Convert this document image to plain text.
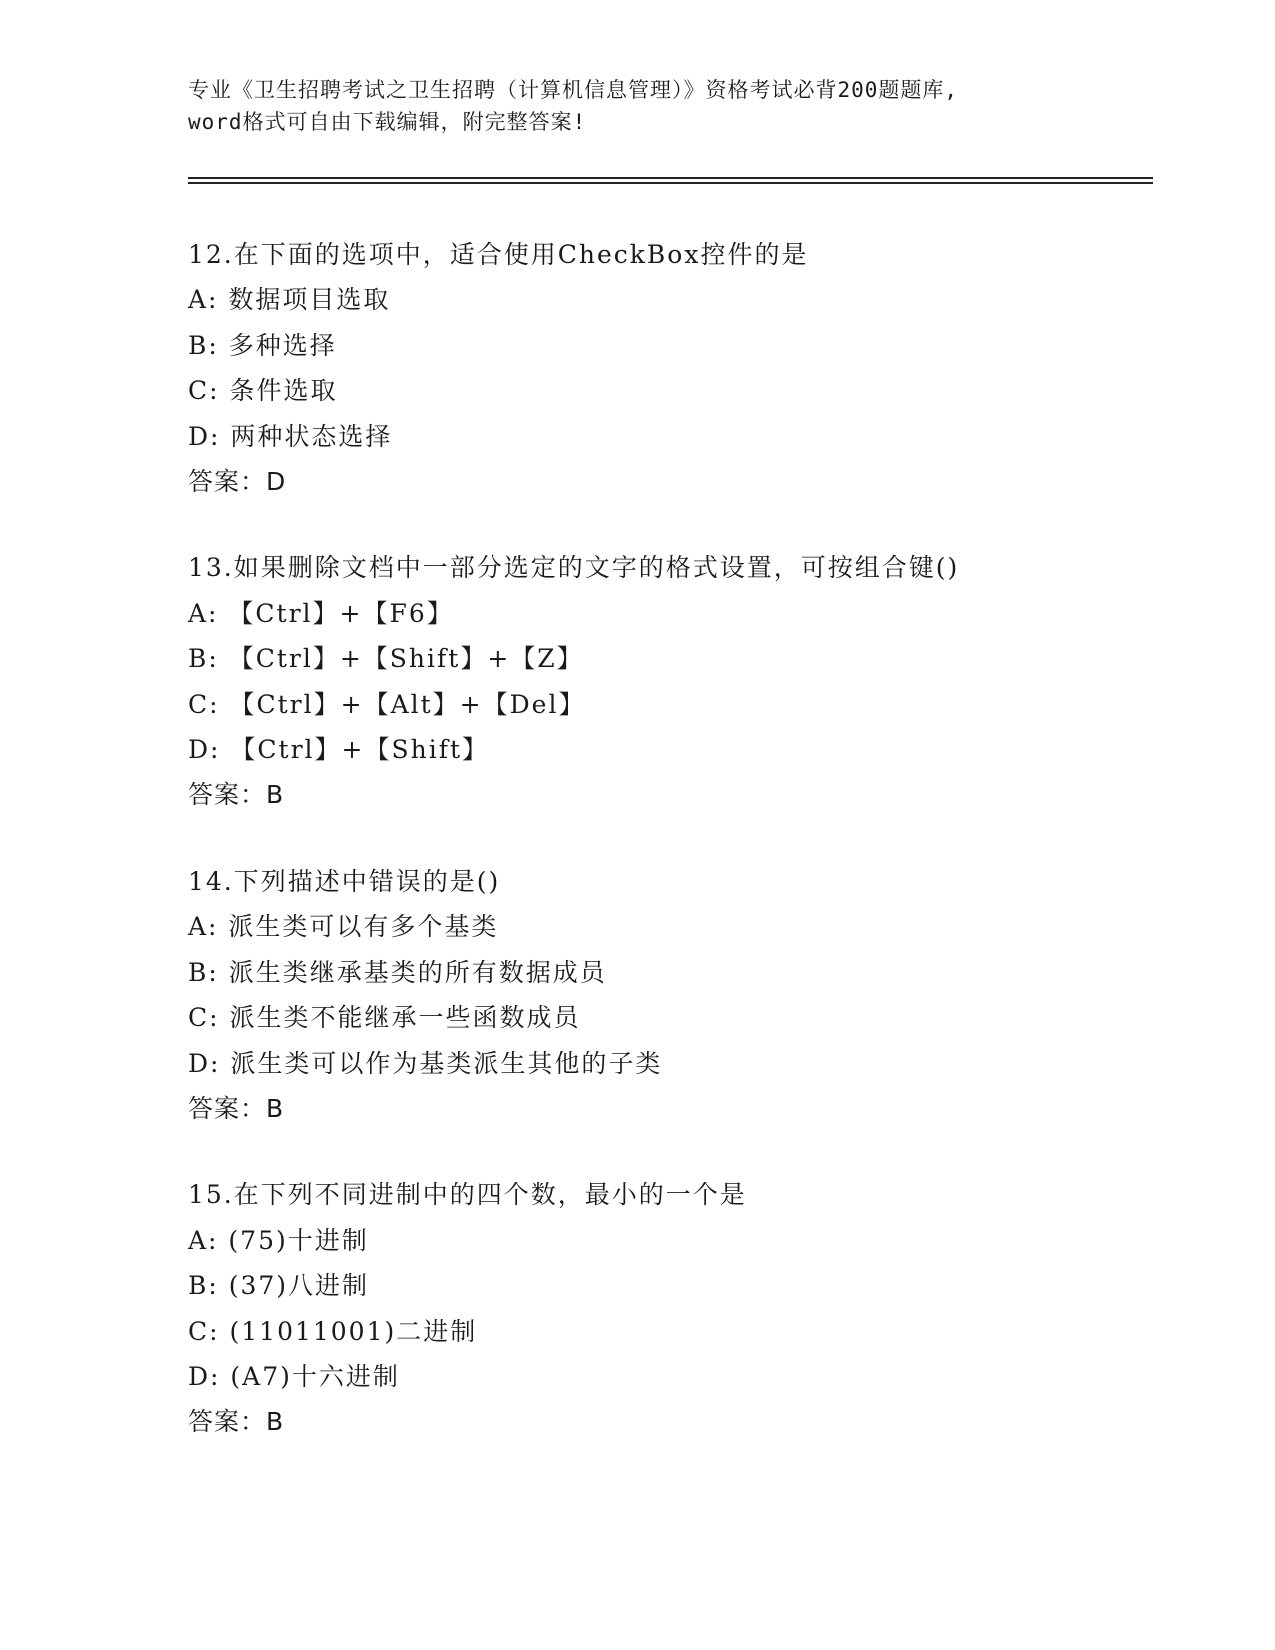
专业《卫生招聘考试之卫生招聘（计算机信息管理）》资格考试必背200题题库,
word格式可自由下载编辑，附完整答案!
12.在下面的选项中，适合使用CheckBox控件的是
A: 数据项目选取
B: 多种选择
C: 条件选取
D: 两种状态选择
答案：D
13.如果删除文档中一部分选定的文字的格式设置，可按组合键()
A: 【Ctrl】+【F6】
B: 【Ctrl】+【Shift】+【Z】
C: 【Ctrl】+【Alt】+【Del】
D: 【Ctrl】+【Shift】
答案：B
14.下列描述中错误的是()
A: 派生类可以有多个基类
B: 派生类继承基类的所有数据成员
C: 派生类不能继承一些函数成员
D: 派生类可以作为基类派生其他的子类
答案：B
15.在下列不同进制中的四个数，最小的一个是
A: (75)十进制
B: (37)八进制
C: (11011001)二进制
D: (A7)十六进制
答案：B
